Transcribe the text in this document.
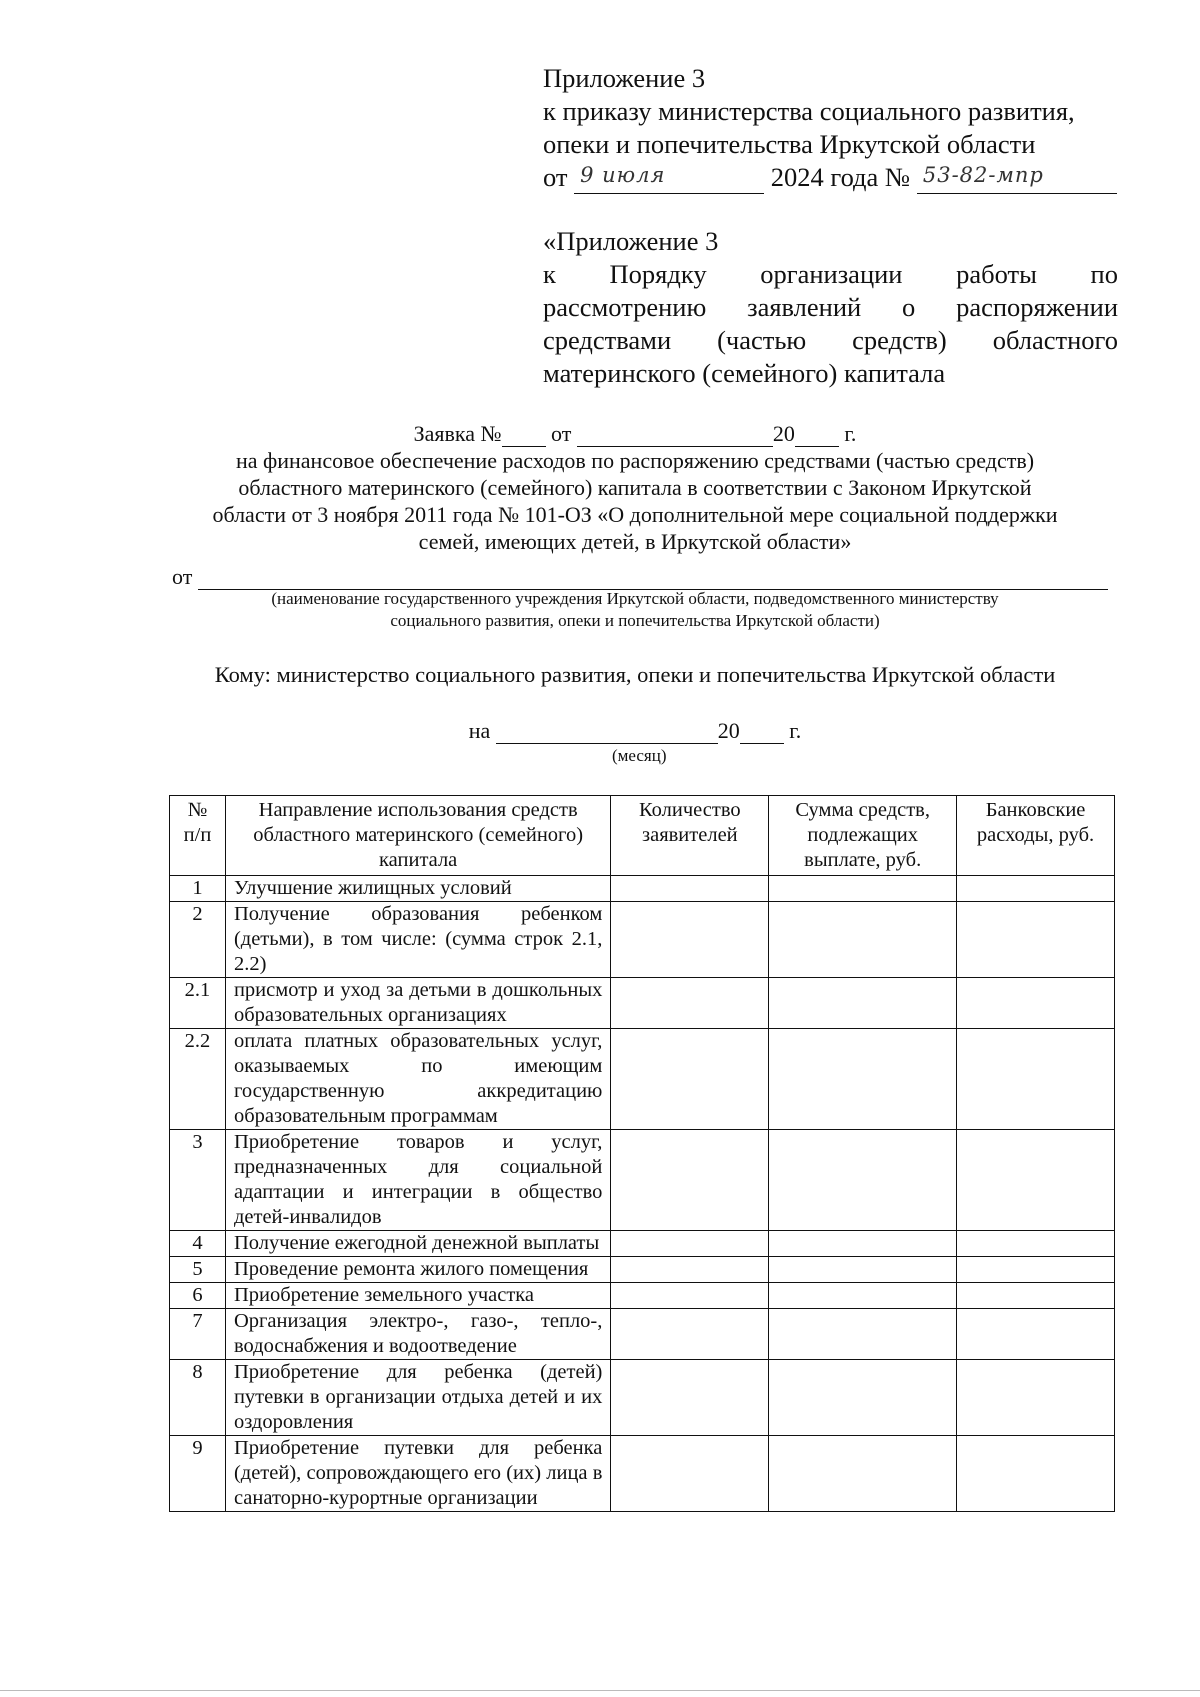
Приложение 3
к приказу министерства социального развития,
опеки и попечительства Иркутской области
от 9 июля	2024 года № 53-82-мпр
«Приложение 3
к Порядку организации работы по
рассмотрению заявлений о распоряжении
средствами (частью средств) областного
материнского (семейного) капитала
Заявка № от	20 г.
на финансовое обеспечение расходов по распоряжению средствами (частью средств)
областного материнского (семейного) капитала в соответствии с Законом Иркутской
области от 3 ноября 2011 года № 101-ОЗ «О дополнительной мере социальной поддержки
семей, имеющих детей, в Иркутской области»
от
(наименование государственного учреждения Иркутской области, подведомственного министерству
социального развития, опеки и попечительства Иркутской области)
Кому: министерство социального развития, опеки и попечительства Иркутской области
на	20 г.
(месяц)
№ п/п	Направление использования средств областного материнского (семейного) капитала	Количество заявителей	Сумма средств, подлежащих выплате, руб.	Банковские расходы, руб.
1	Улучшение жилищных условий			
2	Получение образования ребенком (детьми), в том числе: (сумма строк 2.1, 2.2)			
2.1	присмотр и уход за детьми в дошкольных образовательных организациях			
2.2	оплата платных образовательных услуг, оказываемых по имеющим государственную аккредитацию образовательным программам			
3	Приобретение товаров и услуг, предназначенных для социальной адаптации и интеграции в общество детей-инвалидов			
4	Получение ежегодной денежной выплаты			
5	Проведение ремонта жилого помещения			
6	Приобретение земельного участка			
7	Организация электро-, газо-, тепло-, водоснабжения и водоотведение			
8	Приобретение для ребенка (детей) путевки в организации отдыха детей и их оздоровления			
9	Приобретение путевки для ребенка (детей), сопровождающего его (их) лица в санаторно-курортные организации			
